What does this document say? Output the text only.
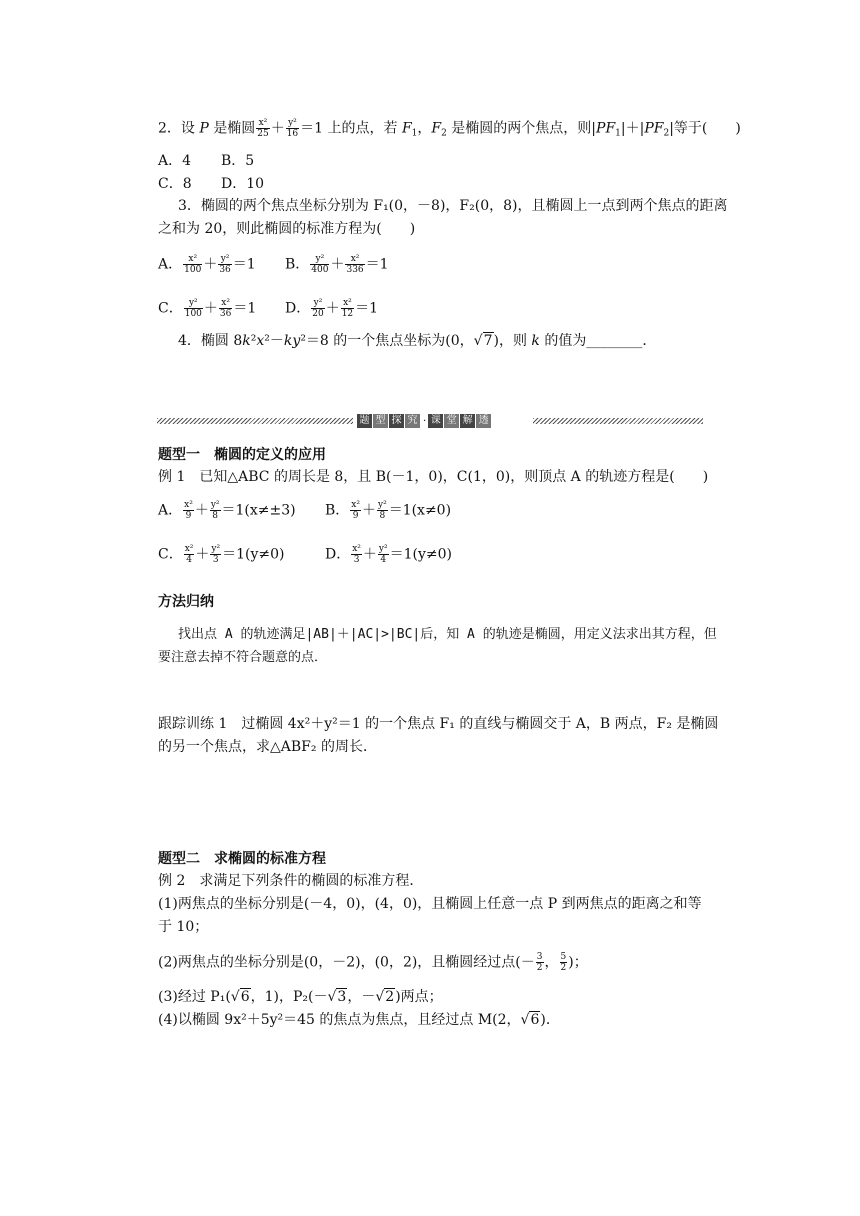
2．设 P 是椭圆 $\frac{\text{x²}}{25} + \frac{\text{y²}}{16} =1$ 上的点，若 $F_1$，$F_2$ 是椭圆的两个焦点，则$|PF_1|+|PF_2|$等于(　　)
A．4 B．5
C．8 D．10
3．椭圆的两个焦点坐标分别为 F₁(0，－8)，F₂(0，8)，且椭圆上一点到两个焦点的距离
之和为 20，则此椭圆的标准方程为(　　)
A． $\frac{\text{x²}}{100} + \frac{\text{y²}}{36} =1$ B． $\frac{\text{y²}}{400} + \frac{\text{x²}}{336} =1$
C． $\frac{\text{y²}}{100} + \frac{\text{x²}}{36} =1$ D． $\frac{\text{y²}}{20} + \frac{\text{x²}}{12} =1$
4．椭圆 8k²x²－ky²＝8 的一个焦点坐标为(0，√7)，则 k 的值为________．
题 型 探 究 · 课 堂 解 透
题型一　椭圆的定义的应用
例 1　已知△ABC 的周长是 8，且 B(－1，0)，C(1，0)，则顶点 A 的轨迹方程是(　　)
A． $\frac{\text{x²}}{9} + \frac{\text{y²}}{8} =1(x\ne\pm 3)$ B． $\frac{\text{x²}}{9} + \frac{\text{y²}}{8} =1(x\ne 0)$
C． $\frac{\text{x²}}{4} + \frac{\text{y²}}{3} =1(y\ne 0)$	D． $\frac{\text{x²}}{3} + \frac{\text{y²}}{4} =1(y\ne 0)$
方法归纳
找出点 A 的轨迹满足|AB|＋|AC|>|BC|后，知 A 的轨迹是椭圆，用定义法求出其方程，但
要注意去掉不符合题意的点．
跟踪训练 1　过椭圆 4x²＋y²＝1 的一个焦点 F₁ 的直线与椭圆交于 A，B 两点，F₂ 是椭圆
的另一个焦点，求△ABF₂ 的周长．
题型二　求椭圆的标准方程
例 2　求满足下列条件的椭圆的标准方程．
(1)两焦点的坐标分别是(－4，0)，(4，0)，且椭圆上任意一点 P 到两焦点的距离之和等
于 10；
(2)两焦点的坐标分别是(0，－2)，(0，2)，且椭圆经过点(－ $\frac{3}{2}$ ， $\frac{5}{2}$ )；
(3)经过 P₁(√6，1)，P₂(－√3，－√2)两点；
(4)以椭圆 9x²＋5y²＝45 的焦点为焦点，且经过点 M(2，√6)．
